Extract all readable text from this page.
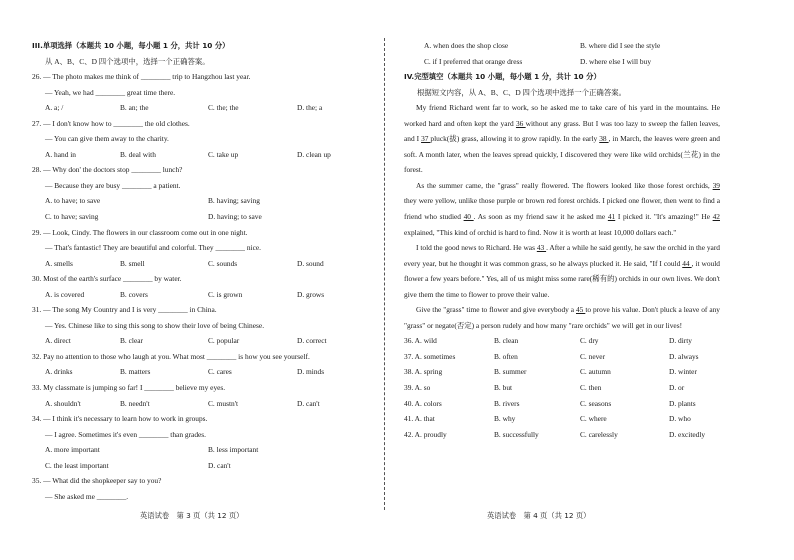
III.单项选择（本题共 10 小题，每小题 1 分，共计 10 分）
从 A、B、C、D 四个选项中，选择一个正确答案。
26. — The photo makes me think of ________ trip to Hangzhou last year.
— Yeah, we had ________ great time there.
A. a; /	B. an; the	C. the; the	D. the; a
27. — I don't know how to ________ the old clothes.
— You can give them away to the charity.
A. hand in	B. deal with	C. take up	D. clean up
28. — Why don' the doctors stop ________ lunch?
— Because they are busy ________ a patient.
A. to have; to save	B. having; saving
C. to have; saving	D. having; to save
29. — Look, Cindy. The flowers in our classroom come out in one night.
— That's fantastic! They are beautiful and colorful. They ________ nice.
A. smells	B. smell	C. sounds	D. sound
30. Most of the earth's surface ________ by water.
A. is covered	B. covers	C. is grown	D. grows
31. — The song My Country and I is very ________ in China.
— Yes. Chinese like to sing this song to show their love of being Chinese.
A. direct	B. clear	C. popular	D. correct
32. Pay no attention to those who laugh at you. What most ________ is how you see yourself.
A. drinks	B. matters	C. cares	D. minds
33. My classmate is jumping so far! I ________ believe my eyes.
A. shouldn't	B. needn't	C. mustn't	D. can't
34. — I think it's necessary to learn how to work in groups.
— I agree. Sometimes it's even ________ than grades.
A. more important	B. less important
C. the least important	D. can't
35. — What did the shopkeeper say to you?
— She asked me ________.
A. when does the shop close	B. where did I see the style
C. if I preferred that orange dress	D. where else I will buy
IV.完型填空（本题共 10 小题，每小题 1 分，共计 10 分）
根据短文内容，从 A、B、C、D 四个选项中选择一个正确答案。

My friend Richard went far to work, so he asked me to take care of his yard in the mountains. He worked hard and often kept the yard 36 without any grass. But I was too lazy to sweep the fallen leaves, and I 37 pluck(拔) grass, allowing it to grow rapidly. In the early 38 , in March, the leaves were green and soft. A month later, when the leaves spread quickly, I discovered they were like wild orchids(兰花) in the forest.

As the summer came, the "grass" really flowered. The flowers looked like those forest orchids, 39 they were yellow, unlike those purple or brown red forest orchids. I picked one flower, then went to find a friend who studied 40 . As soon as my friend saw it he asked me 41 I picked it. "It's amazing!" He 42 explained, "This kind of orchid is hard to find. Now it is worth at least 10,000 dollars each."

I told the good news to Richard. He was 43 . After a while he said gently, he saw the orchid in the yard every year, but he thought it was common grass, so he always plucked it. He said, "If I could 44 , it would flower a few years before." Yes, all of us might miss some rare(稀有的) orchids in our own lives. We don't give them the time to flower to prove their value.

Give the "grass" time to flower and give everybody a 45 to prove his value. Don't pluck a leave of any "grass" or negate(否定) a person rudely and how many "rare orchids" we will get in our lives!

36. A. wild	B. clean	C. dry	D. dirty
37. A. sometimes	B. often	C. never	D. always
38. A. spring	B. summer	C. autumn	D. winter
39. A. so	B. but	C. then	D. or
40. A. colors	B. rivers	C. seasons	D. plants
41. A. that	B. why	C. where	D. who
42. A. proudly	B. successfully	C. carelessly	D. excitedly
英语试卷　第 3 页（共 12 页）	英语试卷　第 4 页（共 12 页）
